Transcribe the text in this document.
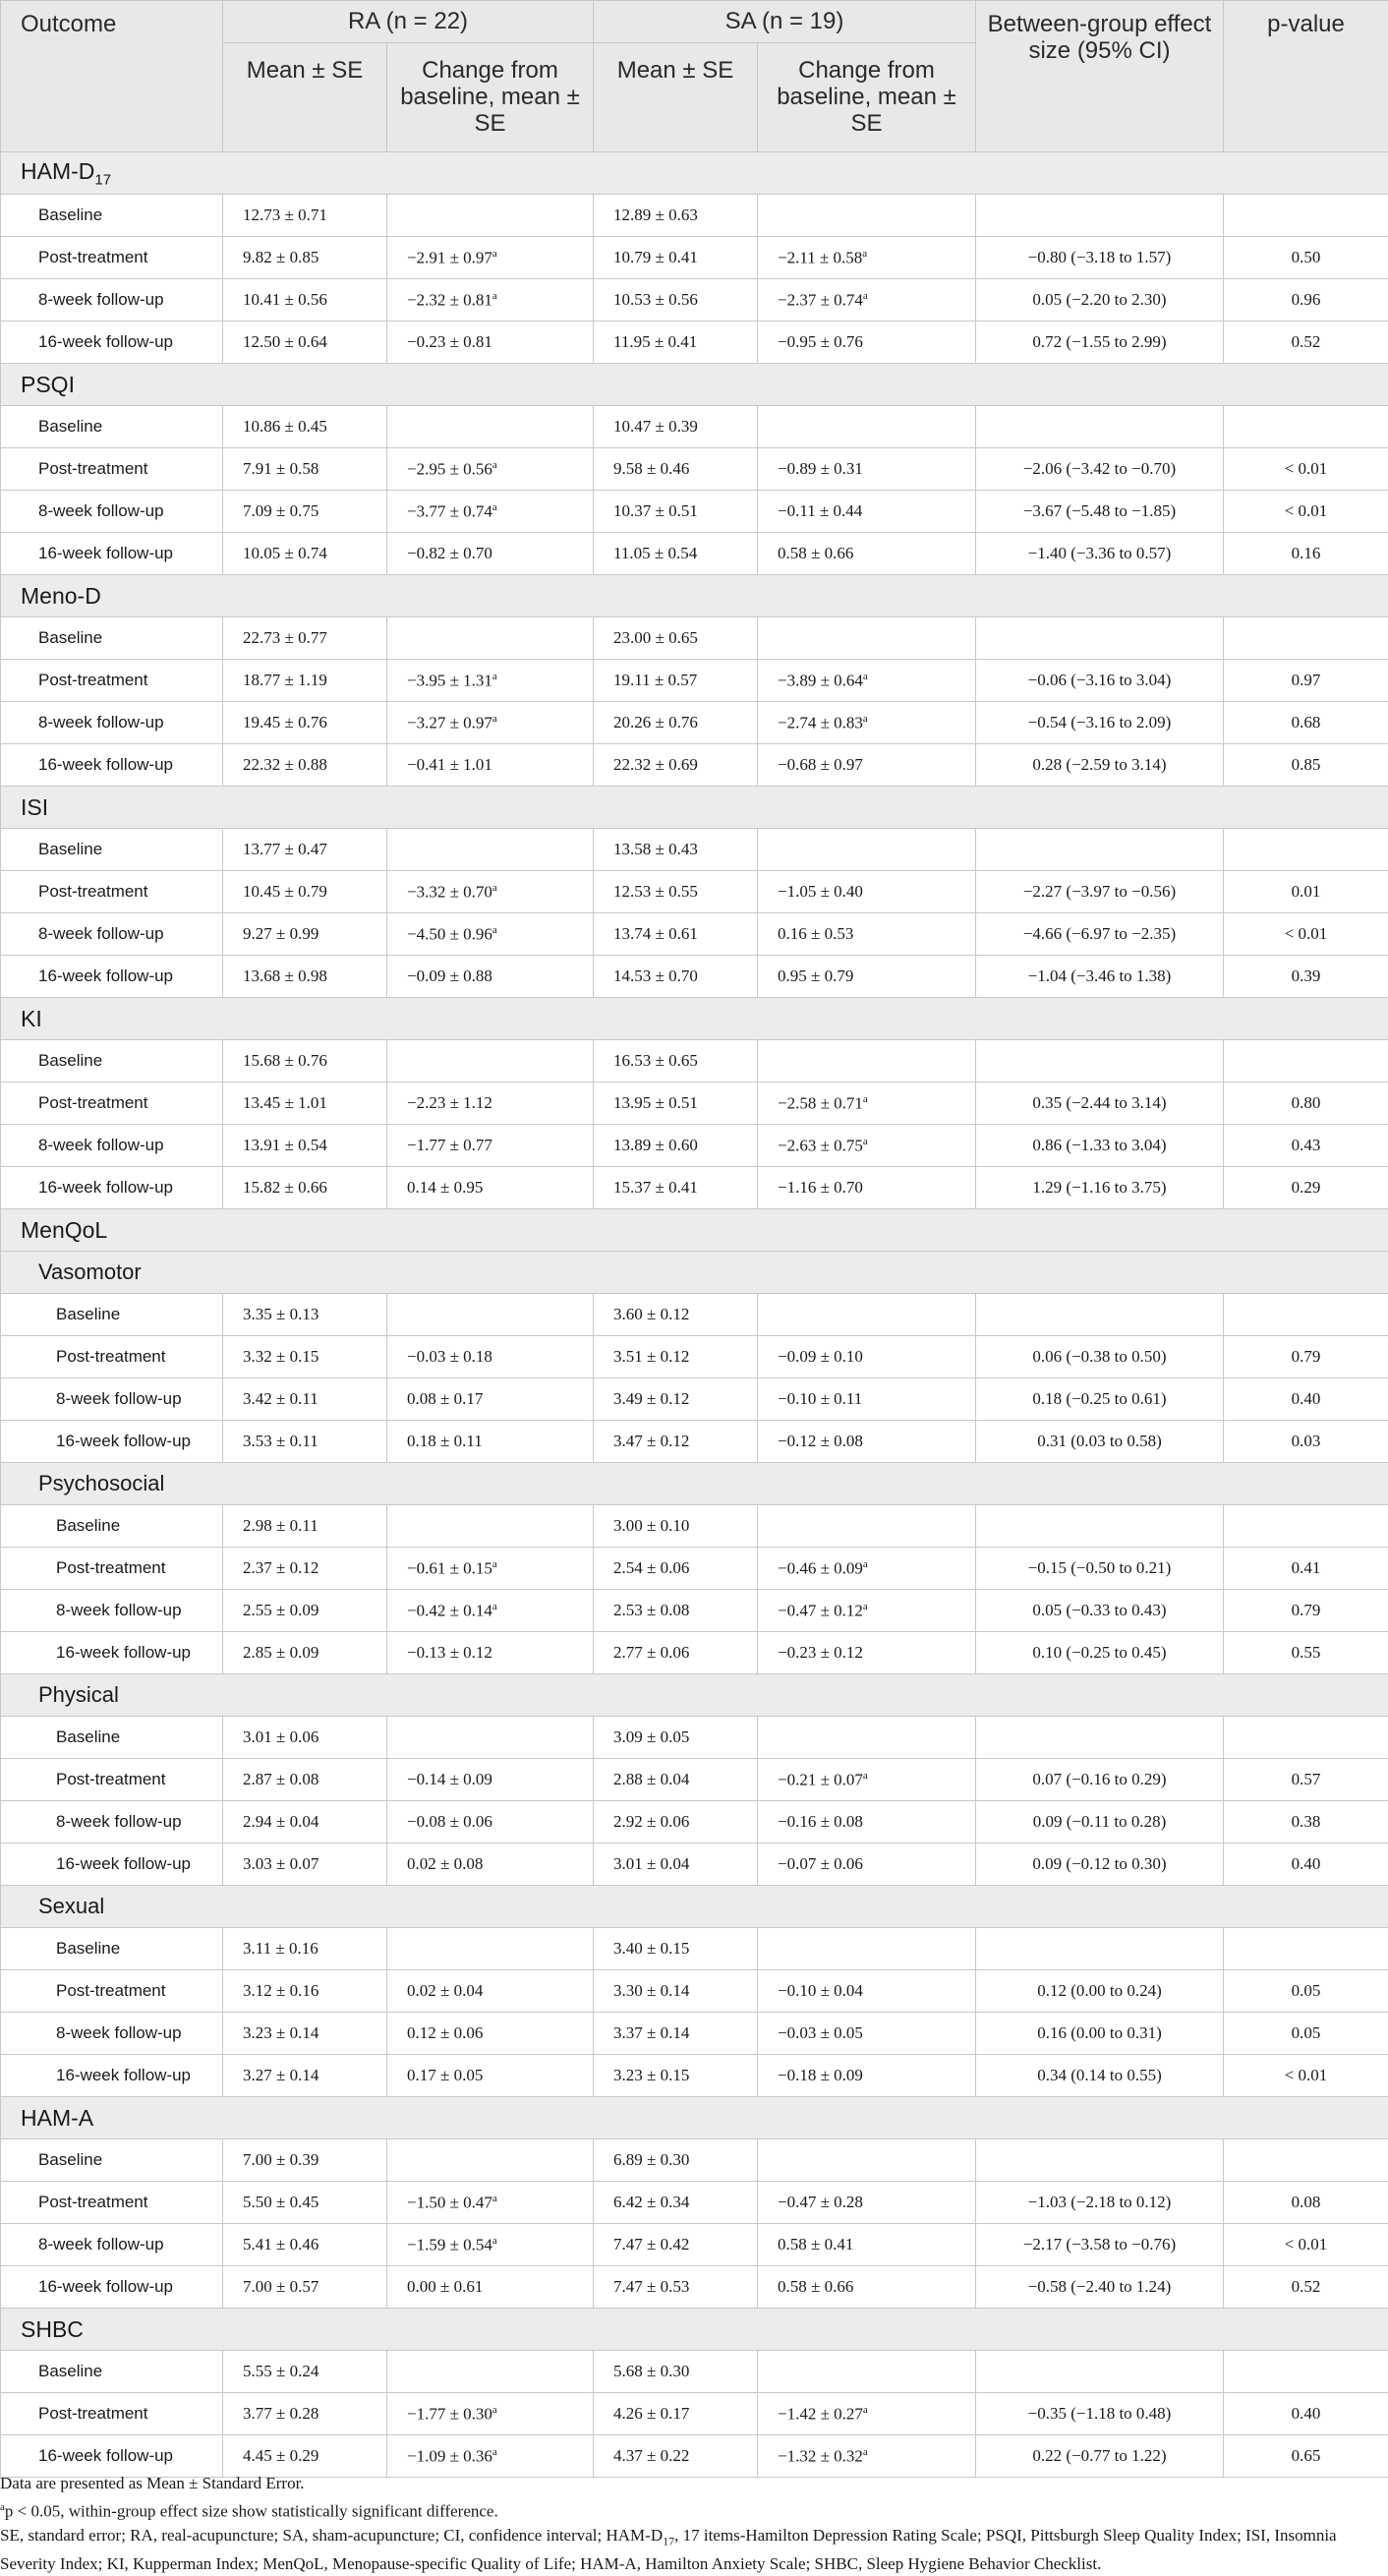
Outcome	RA (n = 22)		SA (n = 19)		Between-group effect size (95% CI)	p-value
	Mean ± SE	Change from baseline, mean ± SE	Mean ± SE	Change from baseline, mean ± SE		
HAM-$D_{17}$
Baseline	12.73 ± 0.71		12.89 ± 0.63			
Post-treatment	9.82 ± 0.85	−2.91 ± 0.97$^a$	10.79 ± 0.41	−2.11 ± 0.58$^a$	−0.80 (−3.18 to 1.57)	0.50
8-week follow-up	10.41 ± 0.56	−2.32 ± 0.81$^a$	10.53 ± 0.56	−2.37 ± 0.74$^a$	0.05 (−2.20 to 2.30)	0.96
16-week follow-up	12.50 ± 0.64	−0.23 ± 0.81	11.95 ± 0.41	−0.95 ± 0.76	0.72 (−1.55 to 2.99)	0.52
PSQI						
Baseline	10.86 ± 0.45		10.47 ± 0.39			
Post-treatment	7.91 ± 0.58	−2.95 ± 0.56$^a$	9.58 ± 0.46	−0.89 ± 0.31	−2.06 (−3.42 to −0.70)	< 0.01
8-week follow-up	7.09 ± 0.75	−3.77 ± 0.74$^a$	10.37 ± 0.51	−0.11 ± 0.44	−3.67 (−5.48 to −1.85)	< 0.01
16-week follow-up	10.05 ± 0.74	−0.82 ± 0.70	11.05 ± 0.54	0.58 ± 0.66	−1.40 (−3.36 to 0.57)	0.16
Meno-D						
Baseline	22.73 ± 0.77		23.00 ± 0.65			
Post-treatment	18.77 ± 1.19	−3.95 ± 1.31$^a$	19.11 ± 0.57	−3.89 ± 0.64$^a$	−0.06 (−3.16 to 3.04)	0.97
8-week follow-up	19.45 ± 0.76	−3.27 ± 0.97$^a$	20.26 ± 0.76	−2.74 ± 0.83$^a$	−0.54 (−3.16 to 2.09)	0.68
16-week follow-up	22.32 ± 0.88	−0.41 ± 1.01	22.32 ± 0.69	−0.68 ± 0.97	0.28 (−2.59 to 3.14)	0.85
ISI						
Baseline	13.77 ± 0.47		13.58 ± 0.43			
Post-treatment	10.45 ± 0.79	−3.32 ± 0.70$^a$	12.53 ± 0.55	−1.05 ± 0.40	−2.27 (−3.97 to −0.56)	0.01
8-week follow-up	9.27 ± 0.99	−4.50 ± 0.96$^a$	13.74 ± 0.61	0.16 ± 0.53	−4.66 (−6.97 to −2.35)	< 0.01
16-week follow-up	13.68 ± 0.98	−0.09 ± 0.88	14.53 ± 0.70	0.95 ± 0.79	−1.04 (−3.46 to 1.38)	0.39
KI						
Baseline	15.68 ± 0.76		16.53 ± 0.65			
Post-treatment	13.45 ± 1.01	−2.23 ± 1.12	13.95 ± 0.51	−2.58 ± 0.71$^a$	0.35 (−2.44 to 3.14)	0.80
8-week follow-up	13.91 ± 0.54	−1.77 ± 0.77	13.89 ± 0.60	−2.63 ± 0.75$^a$	0.86 (−1.33 to 3.04)	0.43
16-week follow-up	15.82 ± 0.66	0.14 ± 0.95	15.37 ± 0.41	−1.16 ± 0.70	1.29 (−1.16 to 3.75)	0.29
MenQoL						
Vasomotor						
Baseline	3.35 ± 0.13		3.60 ± 0.12			
Post-treatment	3.32 ± 0.15	−0.03 ± 0.18	3.51 ± 0.12	−0.09 ± 0.10	0.06 (−0.38 to 0.50)	0.79
8-week follow-up	3.42 ± 0.11	0.08 ± 0.17	3.49 ± 0.12	−0.10 ± 0.11	0.18 (−0.25 to 0.61)	0.40
16-week follow-up	3.53 ± 0.11	0.18 ± 0.11	3.47 ± 0.12	−0.12 ± 0.08	0.31 (0.03 to 0.58)	0.03
Psychosocial						
Baseline	2.98 ± 0.11		3.00 ± 0.10			
Post-treatment	2.37 ± 0.12	−0.61 ± 0.15$^a$	2.54 ± 0.06	−0.46 ± 0.09$^a$	−0.15 (−0.50 to 0.21)	0.41
8-week follow-up	2.55 ± 0.09	−0.42 ± 0.14$^a$	2.53 ± 0.08	−0.47 ± 0.12$^a$	0.05 (−0.33 to 0.43)	0.79
16-week follow-up	2.85 ± 0.09	−0.13 ± 0.12	2.77 ± 0.06	−0.23 ± 0.12	0.10 (−0.25 to 0.45)	0.55
Physical						
Baseline	3.01 ± 0.06		3.09 ± 0.05			
Post-treatment	2.87 ± 0.08	−0.14 ± 0.09	2.88 ± 0.04	−0.21 ± 0.07$^a$	0.07 (−0.16 to 0.29)	0.57
8-week follow-up	2.94 ± 0.04	−0.08 ± 0.06	2.92 ± 0.06	−0.16 ± 0.08	0.09 (−0.11 to 0.28)	0.38
16-week follow-up	3.03 ± 0.07	0.02 ± 0.08	3.01 ± 0.04	−0.07 ± 0.06	0.09 (−0.12 to 0.30)	0.40
Sexual						
Baseline	3.11 ± 0.16		3.40 ± 0.15			
Post-treatment	3.12 ± 0.16	0.02 ± 0.04	3.30 ± 0.14	−0.10 ± 0.04	0.12 (0.00 to 0.24)	0.05
8-week follow-up	3.23 ± 0.14	0.12 ± 0.06	3.37 ± 0.14	−0.03 ± 0.05	0.16 (0.00 to 0.31)	0.05
16-week follow-up	3.27 ± 0.14	0.17 ± 0.05	3.23 ± 0.15	−0.18 ± 0.09	0.34 (0.14 to 0.55)	< 0.01
HAM-A						
Baseline	7.00 ± 0.39		6.89 ± 0.30			
Post-treatment	5.50 ± 0.45	−1.50 ± 0.47$^a$	6.42 ± 0.34	−0.47 ± 0.28	−1.03 (−2.18 to 0.12)	0.08
8-week follow-up	5.41 ± 0.46	−1.59 ± 0.54$^a$	7.47 ± 0.42	0.58 ± 0.41	−2.17 (−3.58 to −0.76)	< 0.01
16-week follow-up	7.00 ± 0.57	0.00 ± 0.61	7.47 ± 0.53	0.58 ± 0.66	−0.58 (−2.40 to 1.24)	0.52
SHBC						
Baseline	5.55 ± 0.24		5.68 ± 0.30			
Post-treatment	3.77 ± 0.28	−1.77 ± 0.30$^a$	4.26 ± 0.17	−1.42 ± 0.27$^a$	−0.35 (−1.18 to 0.48)	0.40
16-week follow-up	4.45 ± 0.29	−1.09 ± 0.36$^a$	4.37 ± 0.22	−1.32 ± 0.32$^a$	0.22 (−0.77 to 1.22)	0.65
Data are presented as Mean ± Standard Error.
$^a$p < 0.05, within-group effect size show statistically significant difference.
SE, standard error; RA, real-acupuncture; SA, sham-acupuncture; CI, confidence interval; HAM-$D_{17}$, 17 items-Hamilton Depression Rating Scale; PSQI, Pittsburgh Sleep Quality Index; ISI, Insomnia Severity Index; KI, Kupperman Index; MenQoL, Menopause-specific Quality of Life; HAM-A, Hamilton Anxiety Scale; SHBC, Sleep Hygiene Behavior Checklist.
